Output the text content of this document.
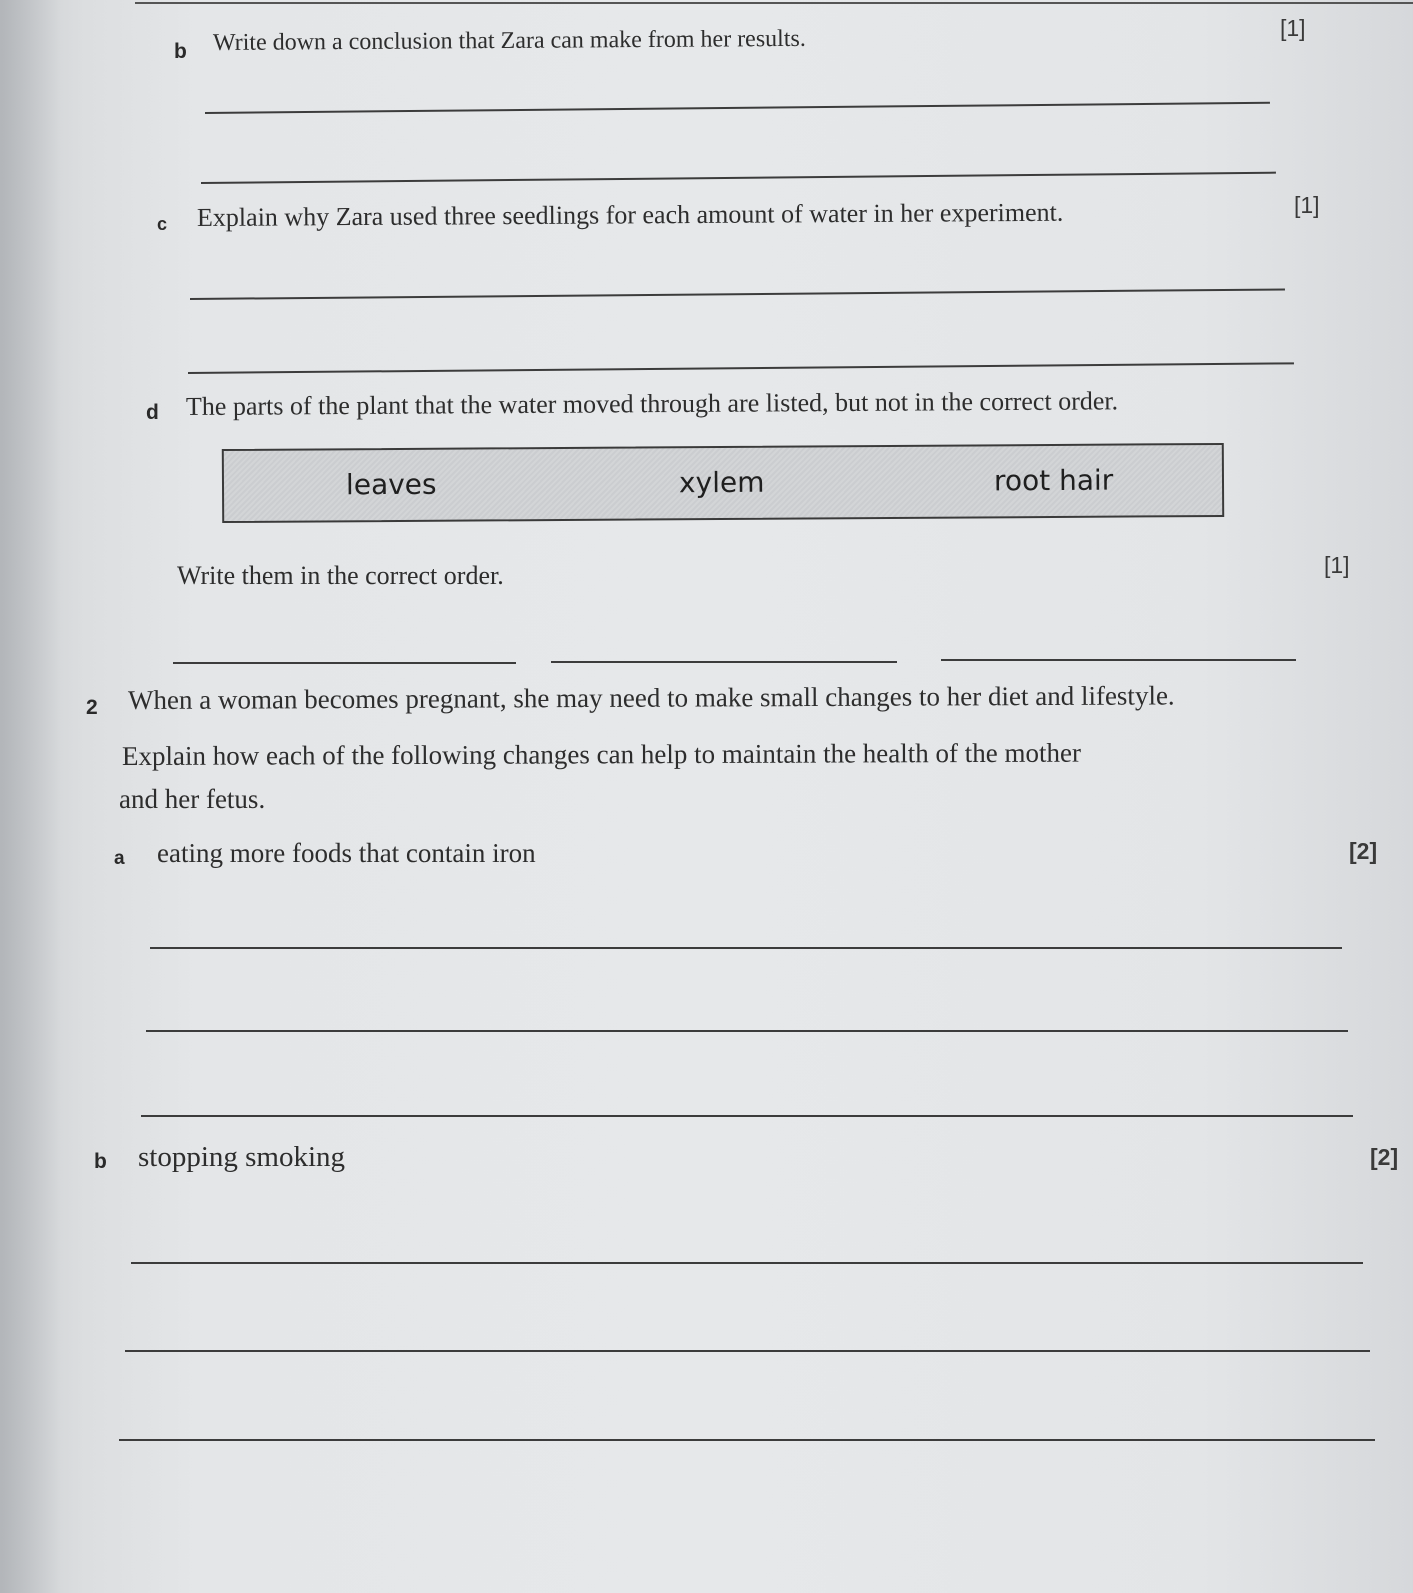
b Write down a conclusion that Zara can make from her results.	[1]
c Explain why Zara used three seedlings for each amount of water in her experiment.	[1]
d The parts of the plant that the water moved through are listed, but not in the correct order.
leaves	xylem	root hair
Write them in the correct order.	[1]
2 When a woman becomes pregnant, she may need to make small changes to her diet and lifestyle.
Explain how each of the following changes can help to maintain the health of the mother
and her fetus.
a eating more foods that contain iron	[2]
b stopping smoking	[2]
